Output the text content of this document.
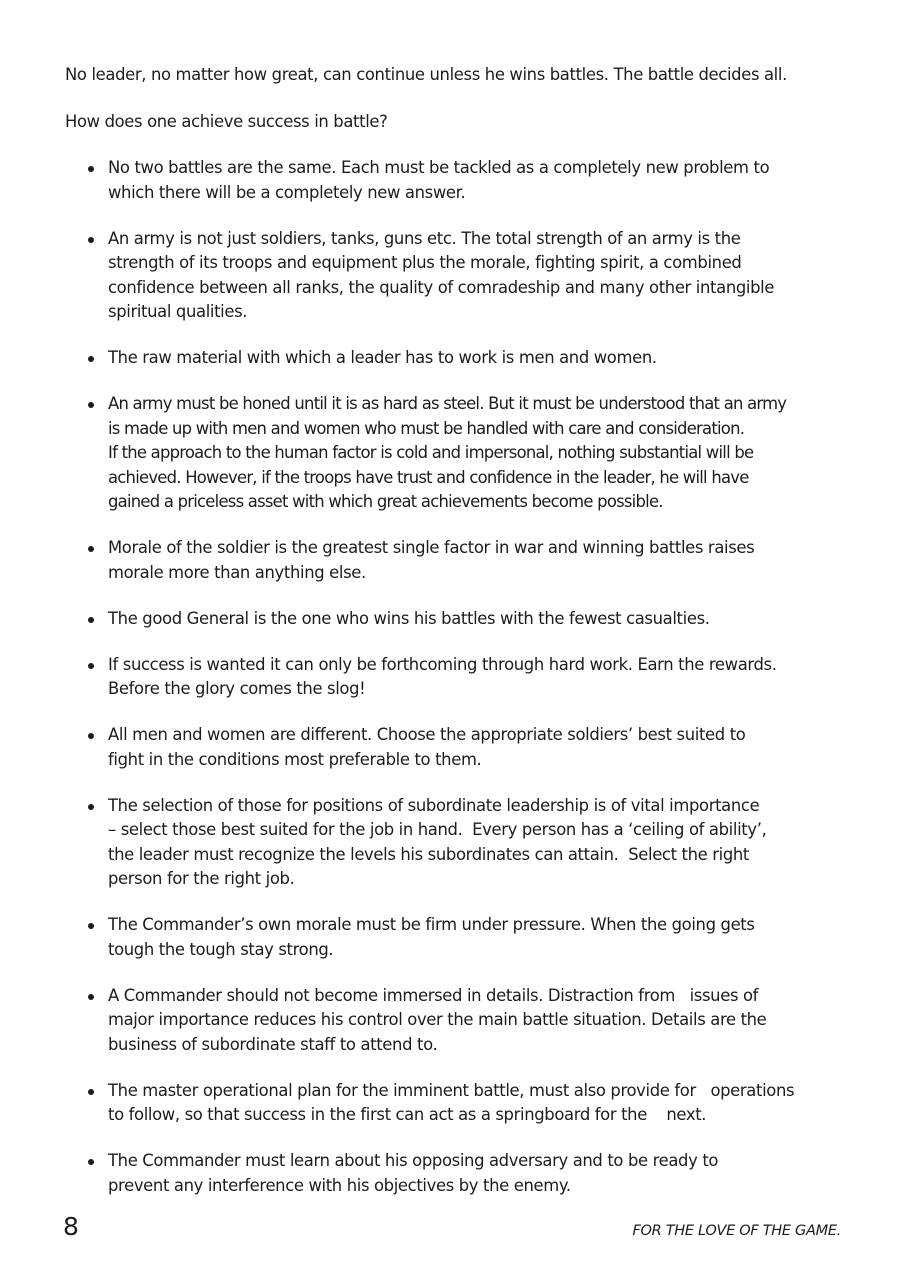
No leader, no matter how great, can continue unless he wins battles. The battle decides all.

How does one achieve success in battle?

No two battles are the same. Each must be tackled as a completely new problem to
which there will be a completely new answer.
An army is not just soldiers, tanks, guns etc. The total strength of an army is the
strength of its troops and equipment plus the morale, fighting spirit, a combined
confidence between all ranks, the quality of comradeship and many other intangible
spiritual qualities.
The raw material with which a leader has to work is men and women.
An army must be honed until it is as hard as steel. But it must be understood that an army
is made up with men and women who must be handled with care and consideration.
If the approach to the human factor is cold and impersonal, nothing substantial will be
achieved. However, if the troops have trust and confidence in the leader, he will have
gained a priceless asset with which great achievements become possible.
Morale of the soldier is the greatest single factor in war and winning battles raises
morale more than anything else.
The good General is the one who wins his battles with the fewest casualties.
If success is wanted it can only be forthcoming through hard work. Earn the rewards.
Before the glory comes the slog!
All men and women are different. Choose the appropriate soldiers’ best suited to
fight in the conditions most preferable to them.
The selection of those for positions of subordinate leadership is of vital importance
– select those best suited for the job in hand.  Every person has a ‘ceiling of ability’,
the leader must recognize the levels his subordinates can attain.  Select the right
person for the right job.
The Commander’s own morale must be firm under pressure. When the going gets
tough the tough stay strong.
A Commander should not become immersed in details. Distraction from   issues of
major importance reduces his control over the main battle situation. Details are the
business of subordinate staff to attend to.
The master operational plan for the imminent battle, must also provide for   operations
to follow, so that success in the first can act as a springboard for the    next.
The Commander must learn about his opposing adversary and to be ready to
prevent any interference with his objectives by the enemy.
8	FOR THE LOVE OF THE GAME.
